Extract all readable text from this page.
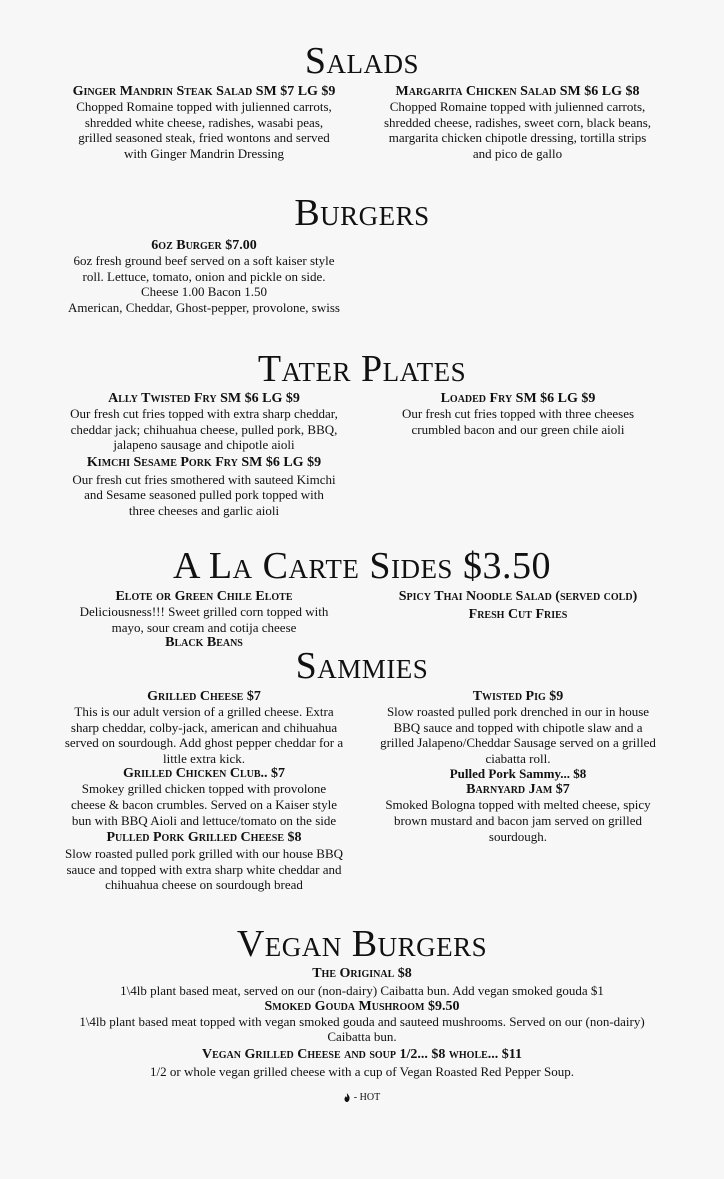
Salads
Ginger Mandrin Steak Salad SM $7 LG $9
Chopped Romaine topped with julienned carrots, shredded white cheese, radishes, wasabi peas, grilled seasoned steak, fried wontons and served with Ginger Mandrin Dressing
Margarita Chicken Salad SM $6 LG $8
Chopped Romaine topped with julienned carrots, shredded cheese, radishes, sweet corn, black beans, margarita chicken chipotle dressing, tortilla strips and pico de gallo
Burgers
6oz Burger $7.00
6oz fresh ground beef served on a soft kaiser style roll. Lettuce, tomato, onion and pickle on side.
Cheese 1.00 Bacon 1.50
American, Cheddar, Ghost-pepper, provolone, swiss
Tater Plates
Ally Twisted Fry SM $6 LG $9
Our fresh cut fries topped with extra sharp cheddar, cheddar jack; chihuahua cheese, pulled pork, BBQ, jalapeno sausage and chipotle aioli
Kimchi Sesame Pork Fry SM $6 LG $9
Our fresh cut fries smothered with sauteed Kimchi and Sesame seasoned pulled pork topped with three cheeses and garlic aioli
Loaded Fry SM $6 LG $9
Our fresh cut fries topped with three cheeses crumbled bacon and our green chile aioli
A La Carte Sides $3.50
Elote or Green Chile Elote
Deliciousness!!! Sweet grilled corn topped with mayo, sour cream and cotija cheese
Black Beans
Spicy Thai Noodle Salad (served cold)
Fresh Cut Fries
Sammies
Grilled Cheese $7
This is our adult version of a grilled cheese. Extra sharp cheddar, colby-jack, american and chihuahua served on sourdough. Add ghost pepper cheddar for a little extra kick.
Grilled Chicken Club.. $7
Smokey grilled chicken topped with provolone cheese & bacon crumbles. Served on a Kaiser style bun with BBQ Aioli and lettuce/tomato on the side
Pulled Pork Grilled Cheese $8
Slow roasted pulled pork grilled with our house BBQ sauce and topped with extra sharp white cheddar and chihuahua cheese on sourdough bread
Twisted Pig $9
Slow roasted pulled pork drenched in our in house BBQ sauce and topped with chipotle slaw and a grilled Jalapeno/Cheddar Sausage served on a grilled ciabatta roll.
Pulled Pork Sammy... $8
Barnyard Jam $7
Smoked Bologna topped with melted cheese, spicy brown mustard and bacon jam served on grilled sourdough.
Vegan Burgers
The Original $8
1\4lb plant based meat, served on our (non-dairy) Caibatta bun. Add vegan smoked gouda $1
Smoked Gouda Mushroom $9.50
1\4lb plant based meat topped with vegan smoked gouda and sauteed mushrooms. Served on our (non-dairy) Caibatta bun.
Vegan Grilled Cheese and soup 1/2... $8 whole... $11
1/2 or whole vegan grilled cheese with a cup of Vegan Roasted Red Pepper Soup.
- HOT
